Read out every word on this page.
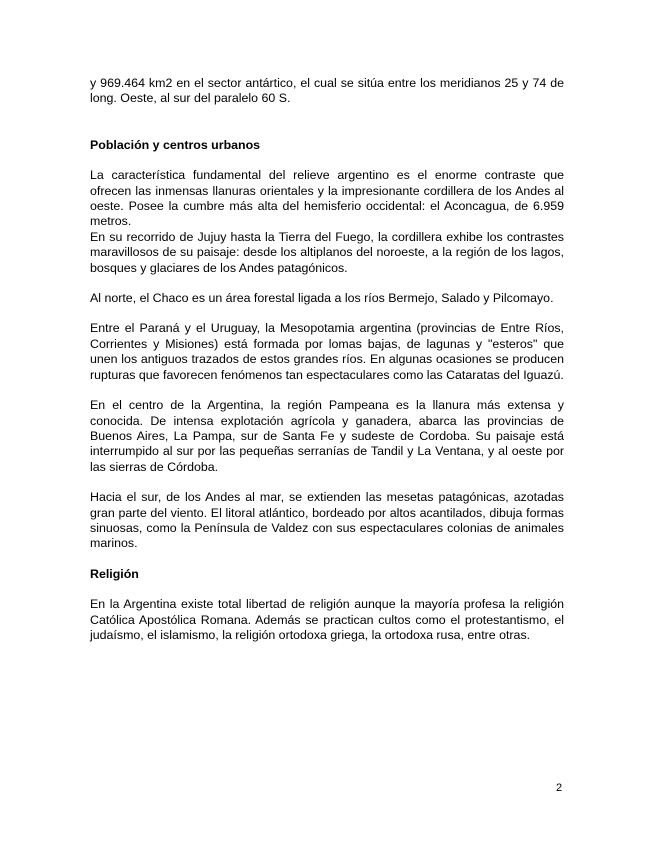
y 969.464 km2 en el sector antártico, el cual se sitúa entre los meridianos 25 y 74 de long. Oeste, al sur del paralelo 60 S.

Población y centros urbanos

La característica fundamental del relieve argentino es el enorme contraste que ofrecen las inmensas llanuras orientales y la impresionante cordillera de los Andes al oeste. Posee la cumbre más alta del hemisferio occidental: el Aconcagua, de 6.959 metros.

En su recorrido de Jujuy hasta la Tierra del Fuego, la cordillera exhibe los contrastes maravillosos de su paisaje: desde los altiplanos del noroeste, a la región de los lagos, bosques y glaciares de los Andes patagónicos.

Al norte, el Chaco es un área forestal ligada a los ríos Bermejo, Salado y Pilcomayo.

Entre el Paraná y el Uruguay, la Mesopotamia argentina (provincias de Entre Ríos, Corrientes y Misiones) está formada por lomas bajas, de lagunas y "esteros" que unen los antiguos trazados de estos grandes ríos. En algunas ocasiones se producen rupturas que favorecen fenómenos tan espectaculares como las Cataratas del Iguazú.

En el centro de la Argentina, la región Pampeana es la llanura más extensa y conocida. De intensa explotación agrícola y ganadera, abarca las provincias de Buenos Aires, La Pampa, sur de Santa Fe y sudeste de Cordoba. Su paisaje está interrumpido al sur por las pequeñas serranías de Tandil y La Ventana, y al oeste por las sierras de Córdoba.

Hacia el sur, de los Andes al mar, se extienden las mesetas patagónicas, azotadas gran parte del viento. El litoral atlántico, bordeado por altos acantilados, dibuja formas sinuosas, como la Península de Valdez con sus espectaculares colonias de animales marinos.

Religión

En la Argentina existe total libertad de religión aunque la mayoría profesa la religión Católica Apostólica Romana. Además se practican cultos como el protestantismo, el judaísmo, el islamismo, la religión ortodoxa griega, la ortodoxa rusa, entre otras.

2
